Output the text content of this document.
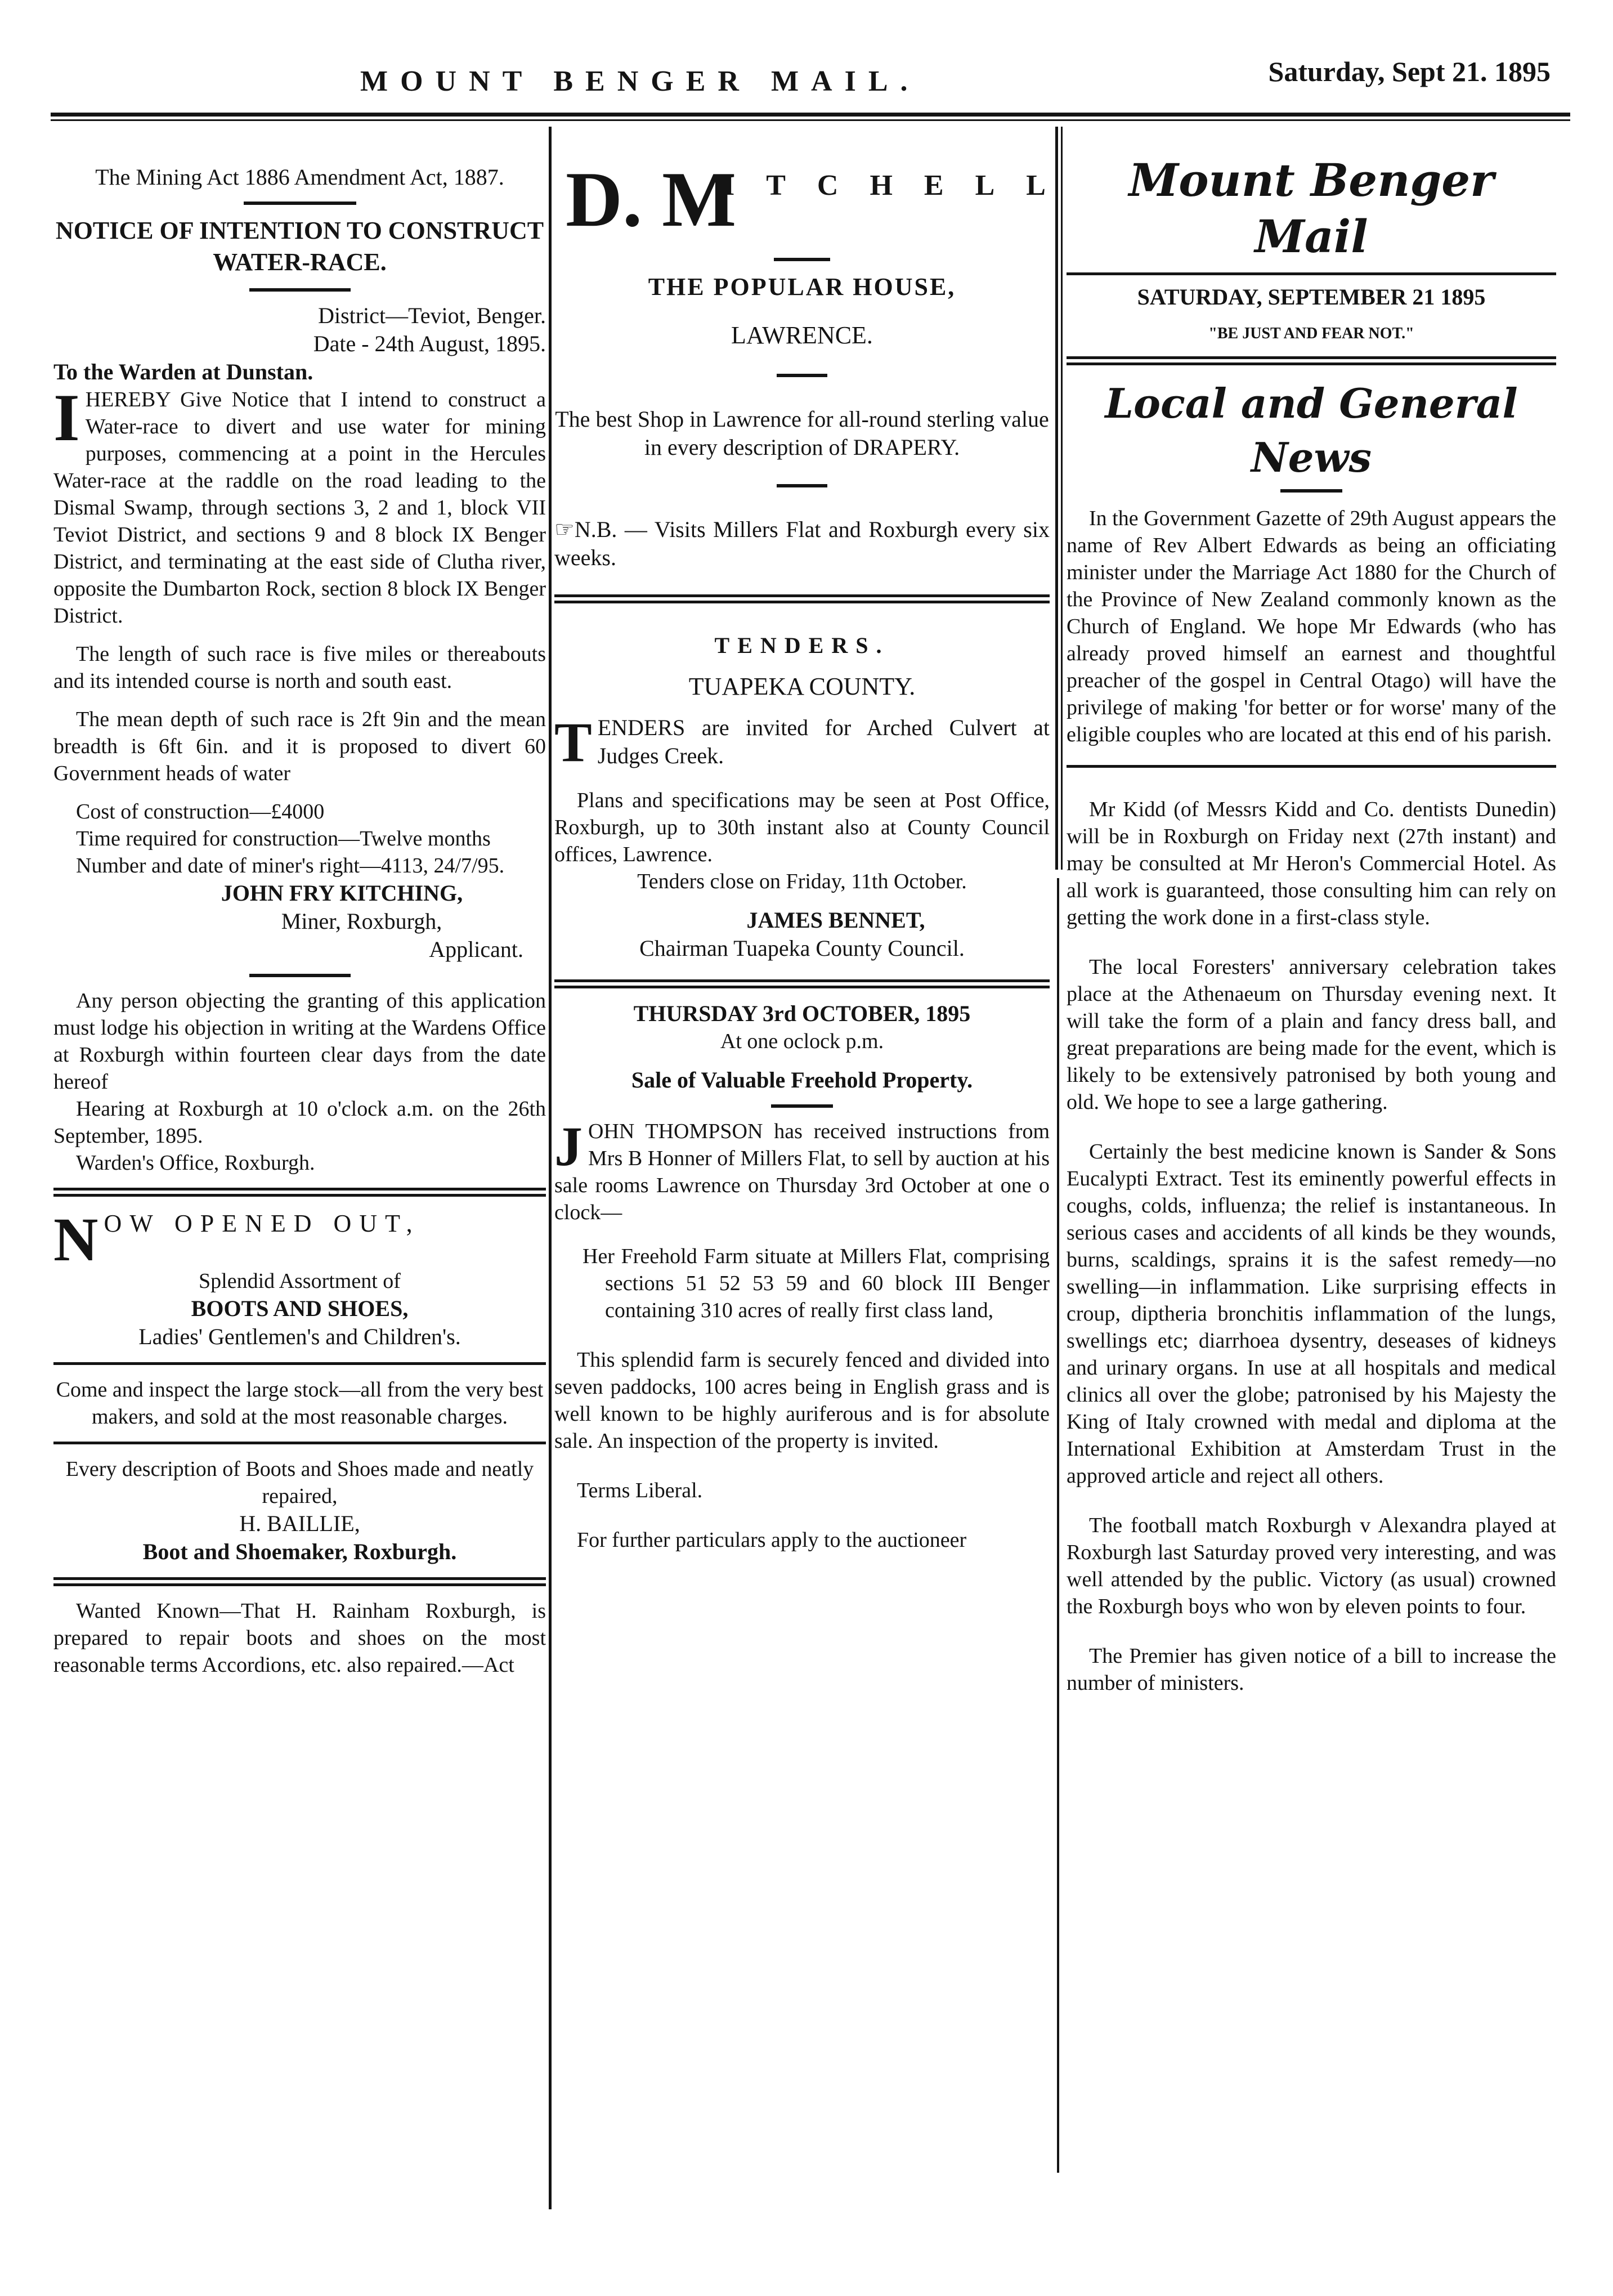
MOUNT BENGER MAIL.	Saturday, Sept 21. 1895

The Mining Act 1886 Amendment Act, 1887.

NOTICE OF INTENTION TO CONSTRUCT WATER-RACE.

District—Teviot, Benger.

Date - 24th August, 1895.

To the Warden at Dunstan.

IHEREBY Give Notice that I intend to construct a Water-race to divert and use water for mining purposes, commencing at a point in the Hercules Water-race at the raddle on the road leading to the Dismal Swamp, through sections 3, 2 and 1, block VII Teviot District, and sections 9 and 8 block IX Benger District, and terminating at the east side of Clutha river, opposite the Dumbarton Rock, section 8 block IX Benger District.

The length of such race is five miles or thereabouts and its intended course is north and south east.

The mean depth of such race is 2ft 9in and the mean breadth is 6ft 6in. and it is proposed to divert 60 Government heads of water

Cost of construction—£4000

Time required for construction—Twelve months

Number and date of miner's right—4113, 24/7/95.

JOHN FRY KITCHING,

Miner, Roxburgh,

Applicant.

Any person objecting the granting of this application must lodge his objection in writing at the Wardens Office at Roxburgh within fourteen clear days from the date hereof

Hearing at Roxburgh at 10 o'clock a.m. on the 26th September, 1895.

Warden's Office, Roxburgh.

NOW OPENED OUT,

Splendid Assortment of

BOOTS AND SHOES,

Ladies' Gentlemen's and Children's.

Come and inspect the large stock—all from the very best makers, and sold at the most reasonable charges.

Every description of Boots and Shoes made and neatly repaired,

H. BAILLIE,

Boot and Shoemaker, Roxburgh.

Wanted Known—That H. Rainham Roxburgh, is prepared to repair boots and shoes on the most reasonable terms Accordions, etc. also repaired.—Act

D. M
ITCHELL

THE POPULAR HOUSE,

LAWRENCE.

The best Shop in Lawrence for all-round sterling value in every description of DRAPERY.

☞N.B. — Visits Millers Flat and Roxburgh every six weeks.

TENDERS.

TUAPEKA COUNTY.

TENDERS are invited for Arched Culvert at Judges Creek.

Plans and specifications may be seen at Post Office, Roxburgh, up to 30th instant also at County Council offices, Lawrence.

Tenders close on Friday, 11th October.

JAMES BENNET,

Chairman Tuapeka County Council.

THURSDAY 3rd OCTOBER, 1895

At one oclock p.m.

Sale of Valuable Freehold Property.

JOHN THOMPSON has received instructions from Mrs B Honner of Millers Flat, to sell by auction at his sale rooms Lawrence on Thursday 3rd October at one o clock—

Her Freehold Farm situate at Millers Flat, comprising sections 51 52 53 59 and 60 block III Benger containing 310 acres of really first class land,

This splendid farm is securely fenced and divided into seven paddocks, 100 acres being in English grass and is well known to be highly auriferous and is for absolute sale. An inspection of the property is invited.

Terms Liberal.

For further particulars apply to the auctioneer

Mount Benger Mail

SATURDAY, SEPTEMBER 21 1895

"BE JUST AND FEAR NOT."

Local and General News

In the Government Gazette of 29th August appears the name of Rev Albert Edwards as being an officiating minister under the Marriage Act 1880 for the Church of the Province of New Zealand commonly known as the Church of England. We hope Mr Edwards (who has already proved himself an earnest and thoughtful preacher of the gospel in Central Otago) will have the privilege of making 'for better or for worse' many of the eligible couples who are located at this end of his parish.

Mr Kidd (of Messrs Kidd and Co. dentists Dunedin) will be in Roxburgh on Friday next (27th instant) and may be consulted at Mr Heron's Commercial Hotel. As all work is guaranteed, those consulting him can rely on getting the work done in a first-class style.

The local Foresters' anniversary celebration takes place at the Athenaeum on Thursday evening next. It will take the form of a plain and fancy dress ball, and great preparations are being made for the event, which is likely to be extensively patronised by both young and old. We hope to see a large gathering.

Certainly the best medicine known is Sander & Sons Eucalypti Extract. Test its eminently powerful effects in coughs, colds, influenza; the relief is instantaneous. In serious cases and accidents of all kinds be they wounds, burns, scaldings, sprains it is the safest remedy—no swelling—in inflammation. Like surprising effects in croup, diptheria bronchitis inflammation of the lungs, swellings etc; diarrhoea dysentry, deseases of kidneys and urinary organs. In use at all hospitals and medical clinics all over the globe; patronised by his Majesty the King of Italy crowned with medal and diploma at the International Exhibition at Amsterdam Trust in the approved article and reject all others.

The football match Roxburgh v Alexandra played at Roxburgh last Saturday proved very interesting, and was well attended by the public. Victory (as usual) crowned the Roxburgh boys who won by eleven points to four.

The Premier has given notice of a bill to increase the number of ministers.
